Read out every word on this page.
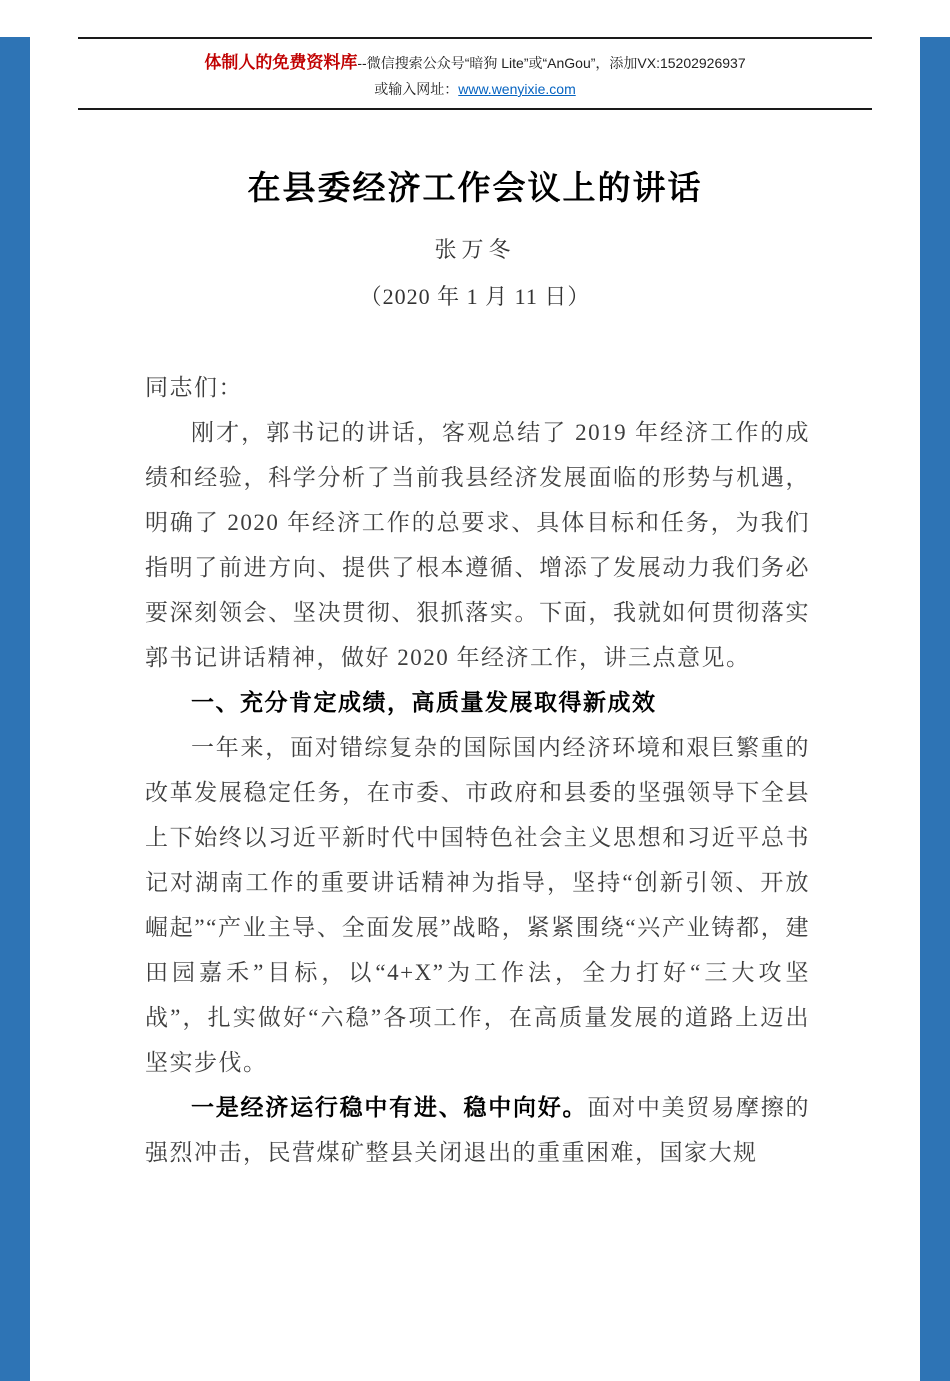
体制人的免费资料库--微信搜索公众号“暗狗 Lite”或“AnGou”，添加VX:15202926937
或输入网址：www.wenyixie.com
在县委经济工作会议上的讲话
张万冬
（2020 年 1 月 11 日）

同志们：

刚才，郭书记的讲话，客观总结了 2019 年经济工作的成绩和经验，科学分析了当前我县经济发展面临的形势与机遇，明确了 2020 年经济工作的总要求、具体目标和任务，为我们指明了前进方向、提供了根本遵循、增添了发展动力我们务必要深刻领会、坚决贯彻、狠抓落实。下面，我就如何贯彻落实郭书记讲话精神，做好 2020 年经济工作，讲三点意见。

一、充分肯定成绩，高质量发展取得新成效

一年来，面对错综复杂的国际国内经济环境和艰巨繁重的改革发展稳定任务，在市委、市政府和县委的坚强领导下全县上下始终以习近平新时代中国特色社会主义思想和习近平总书记对湖南工作的重要讲话精神为指导，坚持“创新引领、开放崛起”“产业主导、全面发展”战略，紧紧围绕“兴产业铸都，建田园嘉禾”目标，以“4+X”为工作法，全力打好“三大攻坚战”，扎实做好“六稳”各项工作，在高质量发展的道路上迈出坚实步伐。

一是经济运行稳中有进、稳中向好。面对中美贸易摩擦的强烈冲击，民营煤矿整县关闭退出的重重困难，国家大规
